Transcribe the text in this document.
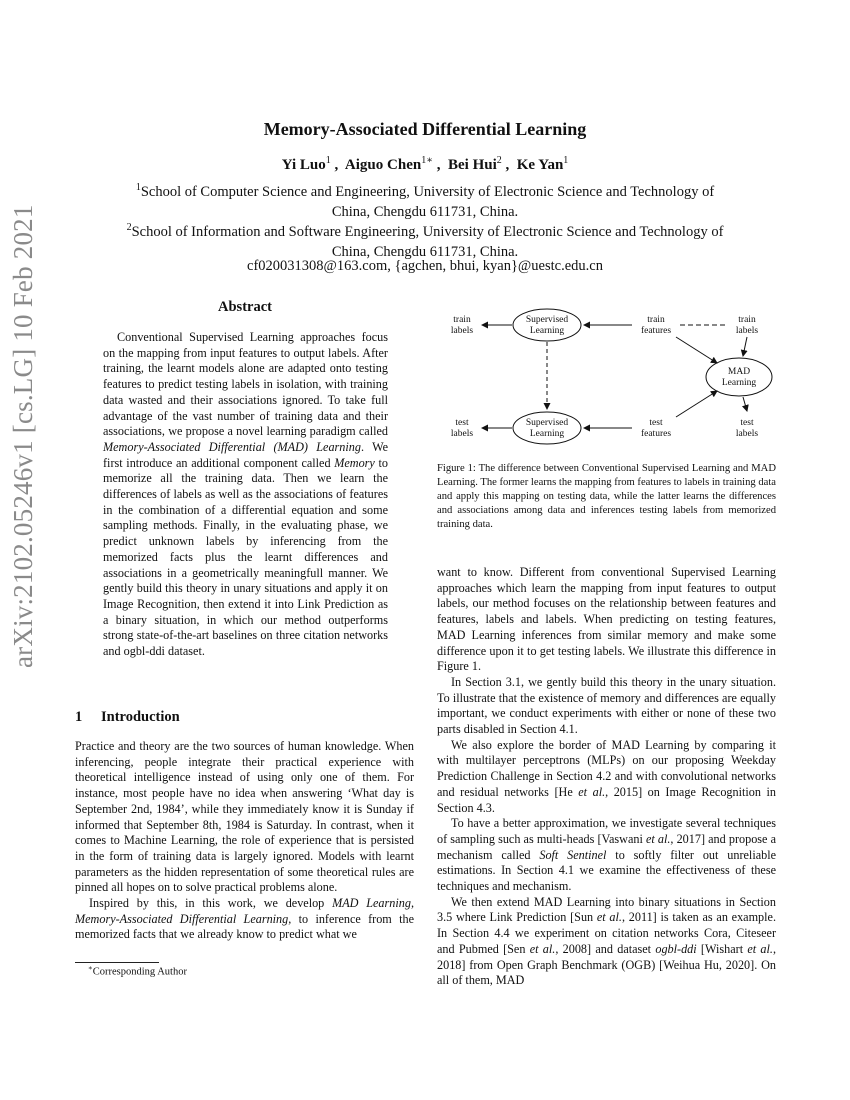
arXiv:2102.05246v1 [cs.LG] 10 Feb 2021
Memory-Associated Differential Learning
Yi Luo$^1$ ,  Aiguo Chen$^{1∗}$ ,  Bei Hui$^2$ ,  Ke Yan$^1$
$^1$School of Computer Science and Engineering, University of Electronic Science and Technology of
China, Chengdu 611731, China.
$^2$School of Information and Software Engineering, University of Electronic Science and Technology of
China, Chengdu 611731, China.
cf020031308@163.com, {agchen, bhui, kyan}@uestc.edu.cn
Abstract
Conventional Supervised Learning approaches focus on the mapping from input features to output labels. After training, the learnt models alone are adapted onto testing features to predict testing labels in isolation, with training data wasted and their associations ignored. To take full advantage of the vast number of training data and their associations, we propose a novel learning paradigm called Memory-Associated Differential (MAD) Learning. We first introduce an additional component called Memory to memorize all the training data. Then we learn the differences of labels as well as the associations of features in the combination of a differential equation and some sampling methods. Finally, in the evaluating phase, we predict unknown labels by inferencing from the memorized facts plus the learnt differences and associations in a geometrically meaningfull manner. We gently build this theory in unary situations and apply it on Image Recognition, then extend it into Link Prediction as a binary situation, in which our method outperforms strong state-of-the-art baselines on three citation networks and ogbl-ddi dataset.
1 Introduction

Practice and theory are the two sources of human knowledge. When inferencing, people integrate their practical experience with theoretical intelligence instead of using only one of them. For instance, most people have no idea when answering ‘What day is September 2nd, 1984’, while they immediately know it is Sunday if informed that September 8th, 1984 is Saturday. In contrast, when it comes to Machine Learning, the role of experience that is persisted in the form of training data is largely ignored. Models with learnt parameters as the hidden representation of some theoretical rules are pinned all hopes on to solve practical problems alone.

Inspired by this, in this work, we develop MAD Learning, Memory-Associated Differential Learning, to inference from the memorized facts that we already know to predict what we

∗Corresponding Author
Supervised
Learning
Supervised
Learning
MAD
Learning
train
labels
train
features
train
labels
test
labels
test
features
test
labels
Figure 1: The difference between Conventional Supervised Learning and MAD Learning. The former learns the mapping from features to labels in training data and apply this mapping on testing data, while the latter learns the differences and associations among data and inferences testing labels from memorized training data.

want to know. Different from conventional Supervised Learning approaches which learn the mapping from input features to output labels, our method focuses on the relationship between features and features, labels and labels. When predicting on testing features, MAD Learning inferences from similar memory and make some difference upon it to get testing labels. We illustrate this difference in Figure 1.

In Section 3.1, we gently build this theory in the unary situation. To illustrate that the existence of memory and differences are equally important, we conduct experiments with either or none of these two parts disabled in Section 4.1.

We also explore the border of MAD Learning by comparing it with multilayer perceptrons (MLPs) on our proposing Weekday Prediction Challenge in Section 4.2 and with convolutional networks and residual networks [He et al., 2015] on Image Recognition in Section 4.3.

To have a better approximation, we investigate several techniques of sampling such as multi-heads [Vaswani et al., 2017] and propose a mechanism called Soft Sentinel to softly filter out unreliable estimations. In Section 4.1 we examine the effectiveness of these techniques and mechanism.

We then extend MAD Learning into binary situations in Section 3.5 where Link Prediction [Sun et al., 2011] is taken as an example. In Section 4.4 we experiment on citation networks Cora, Citeseer and Pubmed [Sen et al., 2008] and dataset ogbl-ddi [Wishart et al., 2018] from Open Graph Benchmark (OGB) [Weihua Hu, 2020]. On all of them, MAD
